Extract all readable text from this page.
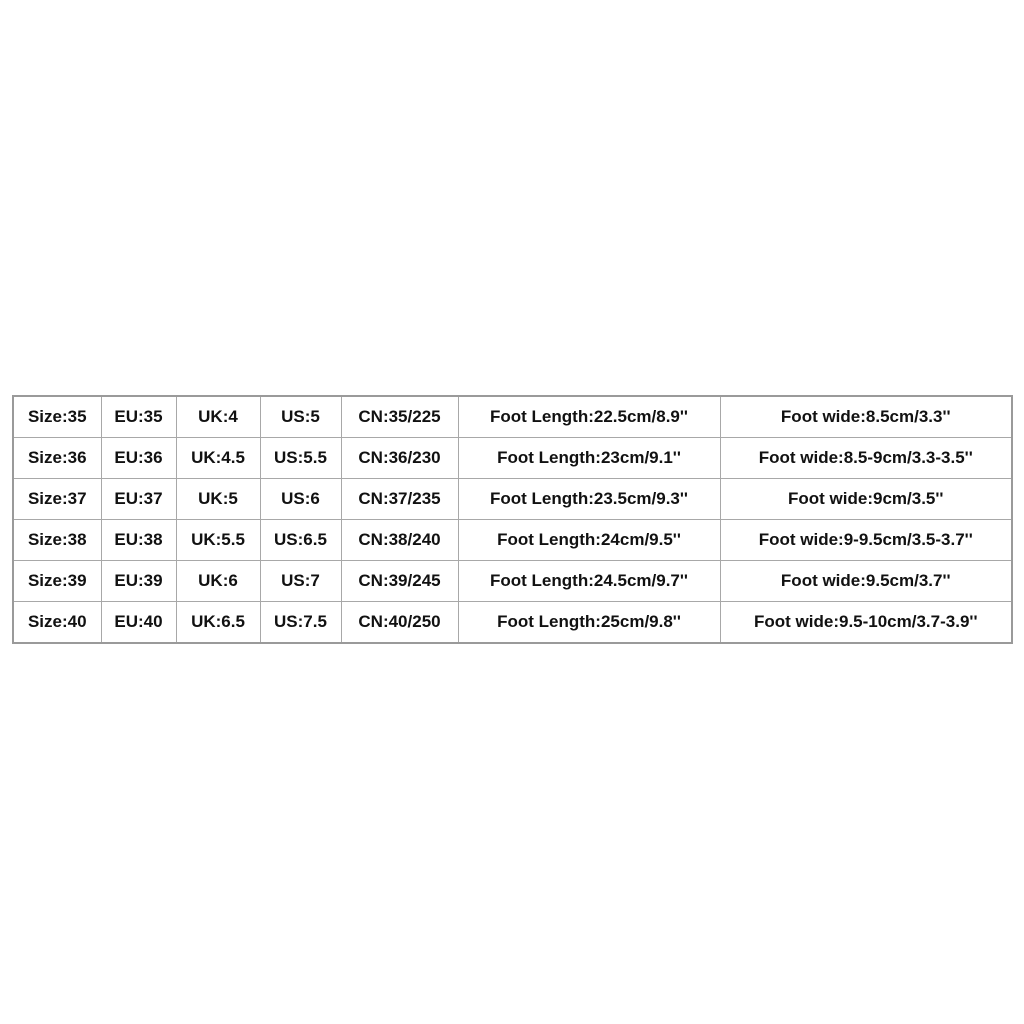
Size:35	EU:35	UK:4	US:5	CN:35/225	Foot Length:22.5cm/8.9''	Foot wide:8.5cm/3.3''
Size:36	EU:36	UK:4.5	US:5.5	CN:36/230	Foot Length:23cm/9.1''	Foot wide:8.5-9cm/3.3-3.5''
Size:37	EU:37	UK:5	US:6	CN:37/235	Foot Length:23.5cm/9.3''	Foot wide:9cm/3.5''
Size:38	EU:38	UK:5.5	US:6.5	CN:38/240	Foot Length:24cm/9.5''	Foot wide:9-9.5cm/3.5-3.7''
Size:39	EU:39	UK:6	US:7	CN:39/245	Foot Length:24.5cm/9.7''	Foot wide:9.5cm/3.7''
Size:40	EU:40	UK:6.5	US:7.5	CN:40/250	Foot Length:25cm/9.8''	Foot wide:9.5-10cm/3.7-3.9''
